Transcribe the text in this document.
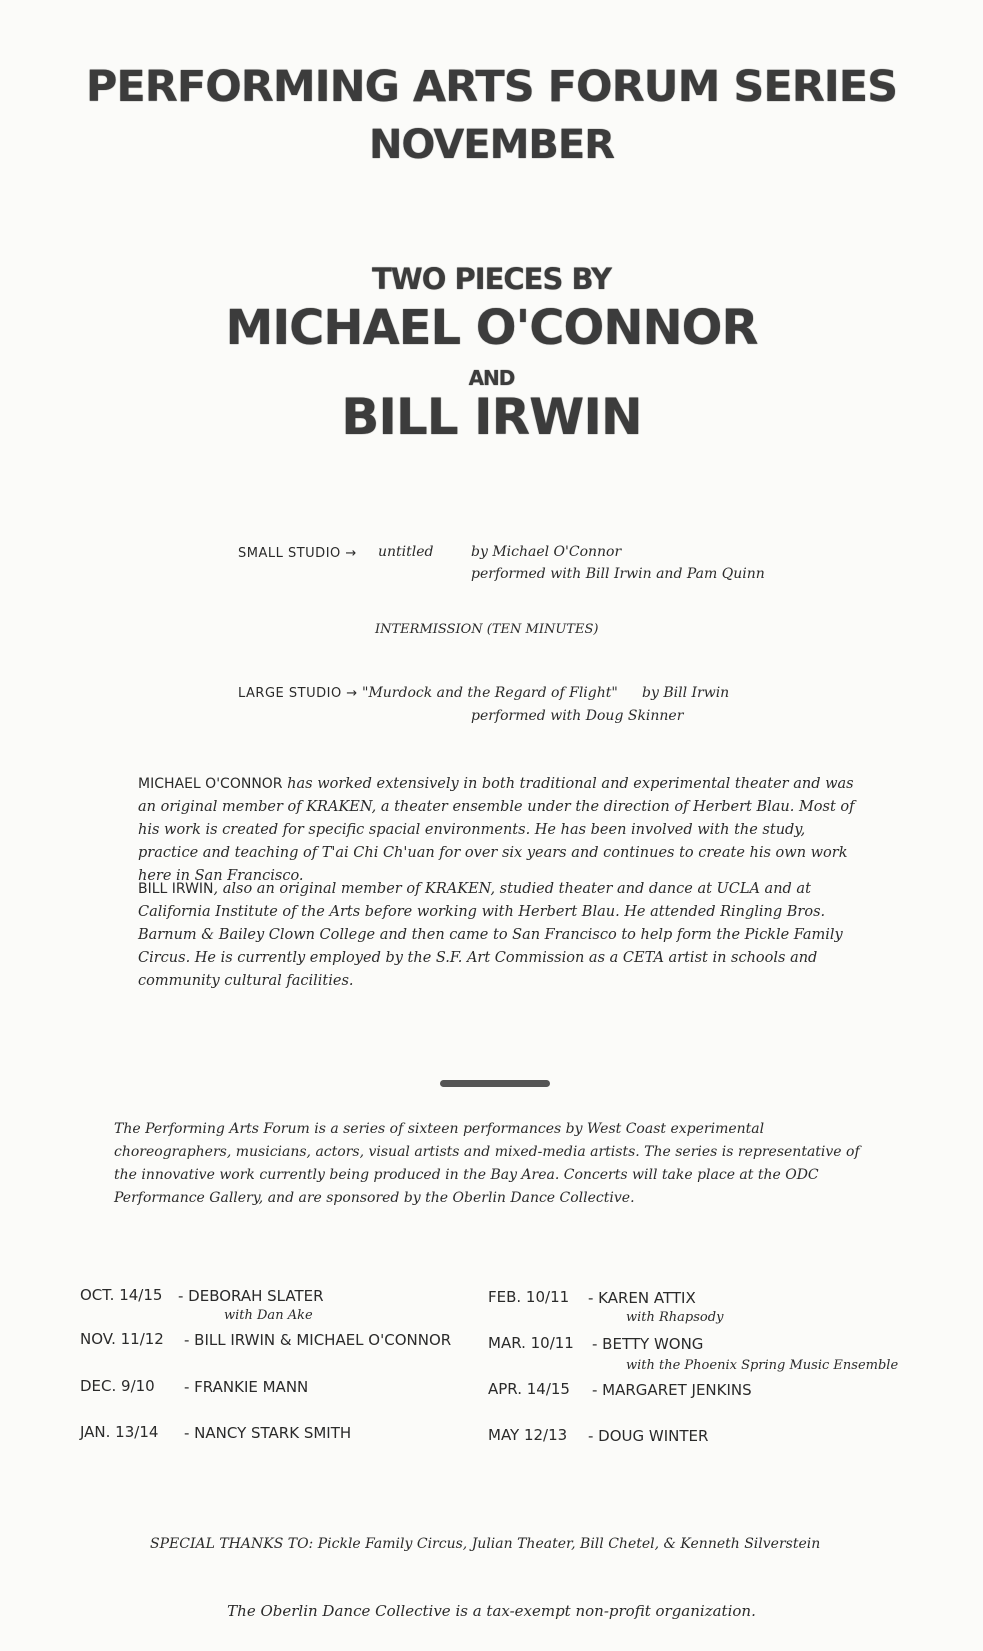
PERFORMING ARTS FORUM SERIES
NOVEMBER
TWO PIECES BY
MICHAEL O'CONNOR
AND
BILL IRWIN
SMALL STUDIO → untitled	by Michael O'Connor
performed with Bill Irwin and Pam Quinn
INTERMISSION (TEN MINUTES)
LARGE STUDIO → "Murdock and the Regard of Flight" by Bill Irwin
performed with Doug Skinner
MICHAEL O'CONNOR has worked extensively in both traditional and experimental theater and was an original member of KRAKEN, a theater ensemble under the direction of Herbert Blau. Most of his work is created for specific spacial environments. He has been involved with the study, practice and teaching of T'ai Chi Ch'uan for over six years and continues to create his own work here in San Francisco.
BILL IRWIN, also an original member of KRAKEN, studied theater and dance at UCLA and at California Institute of the Arts before working with Herbert Blau. He attended Ringling Bros. Barnum & Bailey Clown College and then came to San Francisco to help form the Pickle Family Circus. He is currently employed by the S.F. Art Commission as a CETA artist in schools and community cultural facilities.
The Performing Arts Forum is a series of sixteen performances by West Coast experimental choreographers, musicians, actors, visual artists and mixed-media artists. The series is representative of the innovative work currently being produced in the Bay Area. Concerts will take place at the ODC Performance Gallery, and are sponsored by the Oberlin Dance Collective.
OCT. 14/15 - DEBORAH SLATER
with Dan Ake
NOV. 11/12 - BILL IRWIN & MICHAEL O'CONNOR
DEC. 9/10 - FRANKIE MANN
JAN. 13/14 - NANCY STARK SMITH
FEB. 10/11 - KAREN ATTIX
with Rhapsody
MAR. 10/11 - BETTY WONG
with the Phoenix Spring Music Ensemble
APR. 14/15 - MARGARET JENKINS
MAY 12/13 - DOUG WINTER
SPECIAL THANKS TO: Pickle Family Circus, Julian Theater, Bill Chetel, & Kenneth Silverstein
The Oberlin Dance Collective is a tax-exempt non-profit organization.
